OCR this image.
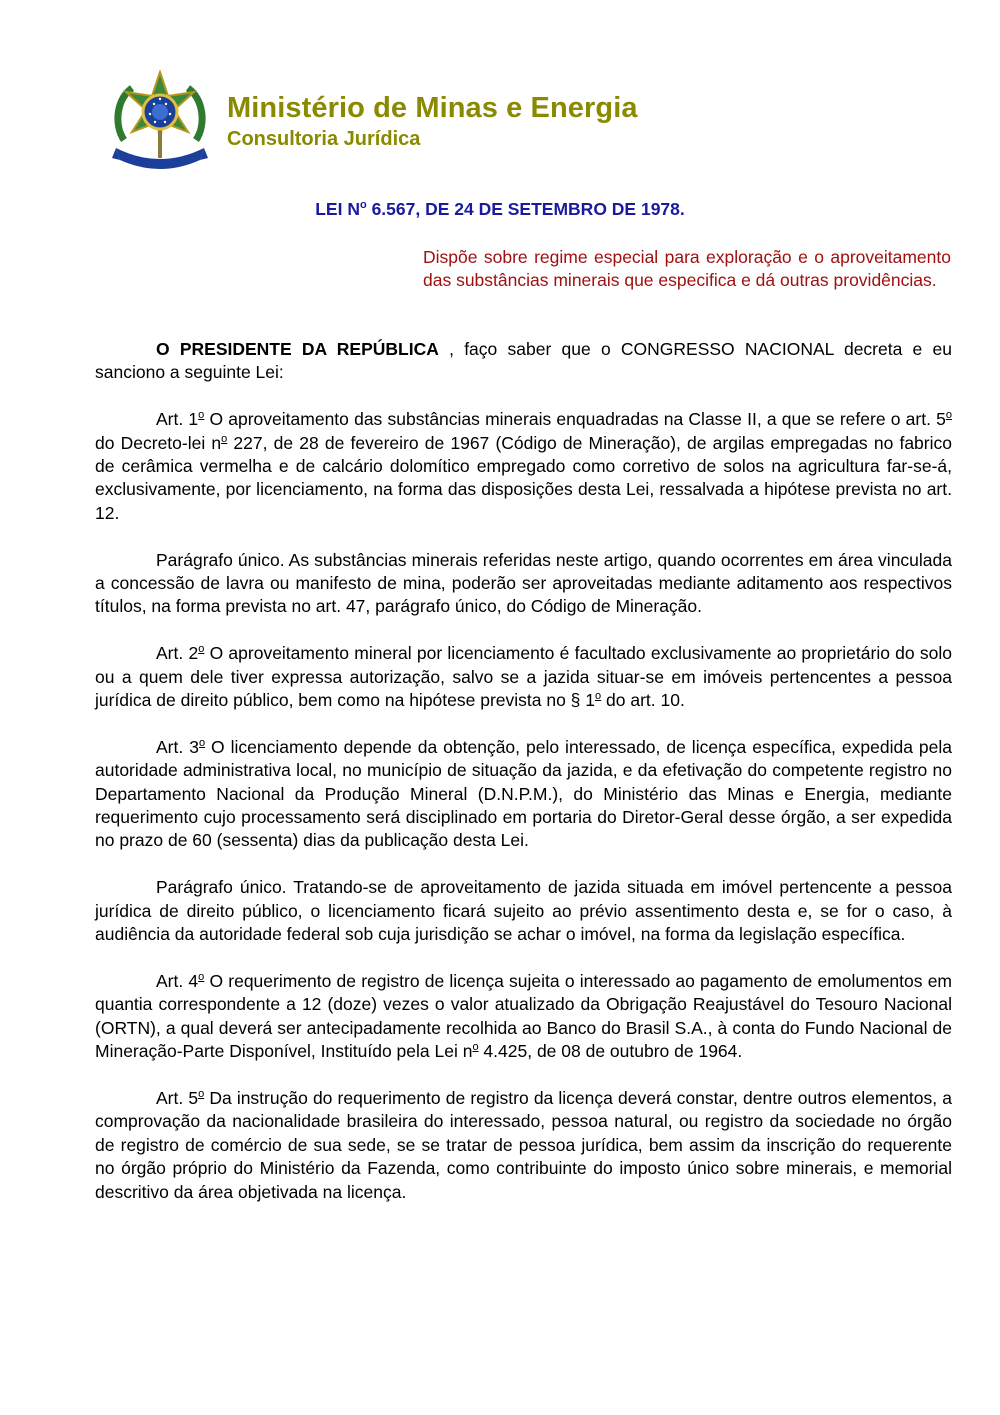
Ministério de Minas e Energia
Consultoria Jurídica
LEI $N^o$ 6.567, DE 24 DE SETEMBRO DE 1978.
Dispõe sobre regime especial para exploração e o aproveitamento das substâncias minerais que especifica e dá outras providências.

O PRESIDENTE DA REPÚBLICA , faço saber que o CONGRESSO NACIONAL decreta e eu sanciono a seguinte Lei:

Art. 1$^o$ O aproveitamento das substâncias minerais enquadradas na Classe II, a que se refere o art. 5$^o$ do Decreto-lei $n^o$ 227, de 28 de fevereiro de 1967 (Código de Mineração), de argilas empregadas no fabrico de cerâmica vermelha e de calcário dolomítico empregado como corretivo de solos na agricultura far-se-á, exclusivamente, por licenciamento, na forma das disposições desta Lei, ressalvada a hipótese prevista no art. 12.

Parágrafo único. As substâncias minerais referidas neste artigo, quando ocorrentes em área vinculada a concessão de lavra ou manifesto de mina, poderão ser aproveitadas mediante aditamento aos respectivos títulos, na forma prevista no art. 47, parágrafo único, do Código de Mineração.

Art. 2$^o$ O aproveitamento mineral por licenciamento é facultado exclusivamente ao proprietário do solo ou a quem dele tiver expressa autorização, salvo se a jazida situar-se em imóveis pertencentes a pessoa jurídica de direito público, bem como na hipótese prevista no § 1$^o$ do art. 10.

Art. 3$^o$ O licenciamento depende da obtenção, pelo interessado, de licença específica, expedida pela autoridade administrativa local, no município de situação da jazida, e da efetivação do competente registro no Departamento Nacional da Produção Mineral (D.N.P.M.), do Ministério das Minas e Energia, mediante requerimento cujo processamento será disciplinado em portaria do Diretor-Geral desse órgão, a ser expedida no prazo de 60 (sessenta) dias da publicação desta Lei.

Parágrafo único. Tratando-se de aproveitamento de jazida situada em imóvel pertencente a pessoa jurídica de direito público, o licenciamento ficará sujeito ao prévio assentimento desta e, se for o caso, à audiência da autoridade federal sob cuja jurisdição se achar o imóvel, na forma da legislação específica.

Art. 4$^o$ O requerimento de registro de licença sujeita o interessado ao pagamento de emolumentos em quantia correspondente a 12 (doze) vezes o valor atualizado da Obrigação Reajustável do Tesouro Nacional (ORTN), a qual deverá ser antecipadamente recolhida ao Banco do Brasil S.A., à conta do Fundo Nacional de Mineração-Parte Disponível, Instituído pela Lei $n^o$ 4.425, de 08 de outubro de 1964.

Art. 5$^o$ Da instrução do requerimento de registro da licença deverá constar, dentre outros elementos, a comprovação da nacionalidade brasileira do interessado, pessoa natural, ou registro da sociedade no órgão de registro de comércio de sua sede, se se tratar de pessoa jurídica, bem assim da inscrição do requerente no órgão próprio do Ministério da Fazenda, como contribuinte do imposto único sobre minerais, e memorial descritivo da área objetivada na licença.
